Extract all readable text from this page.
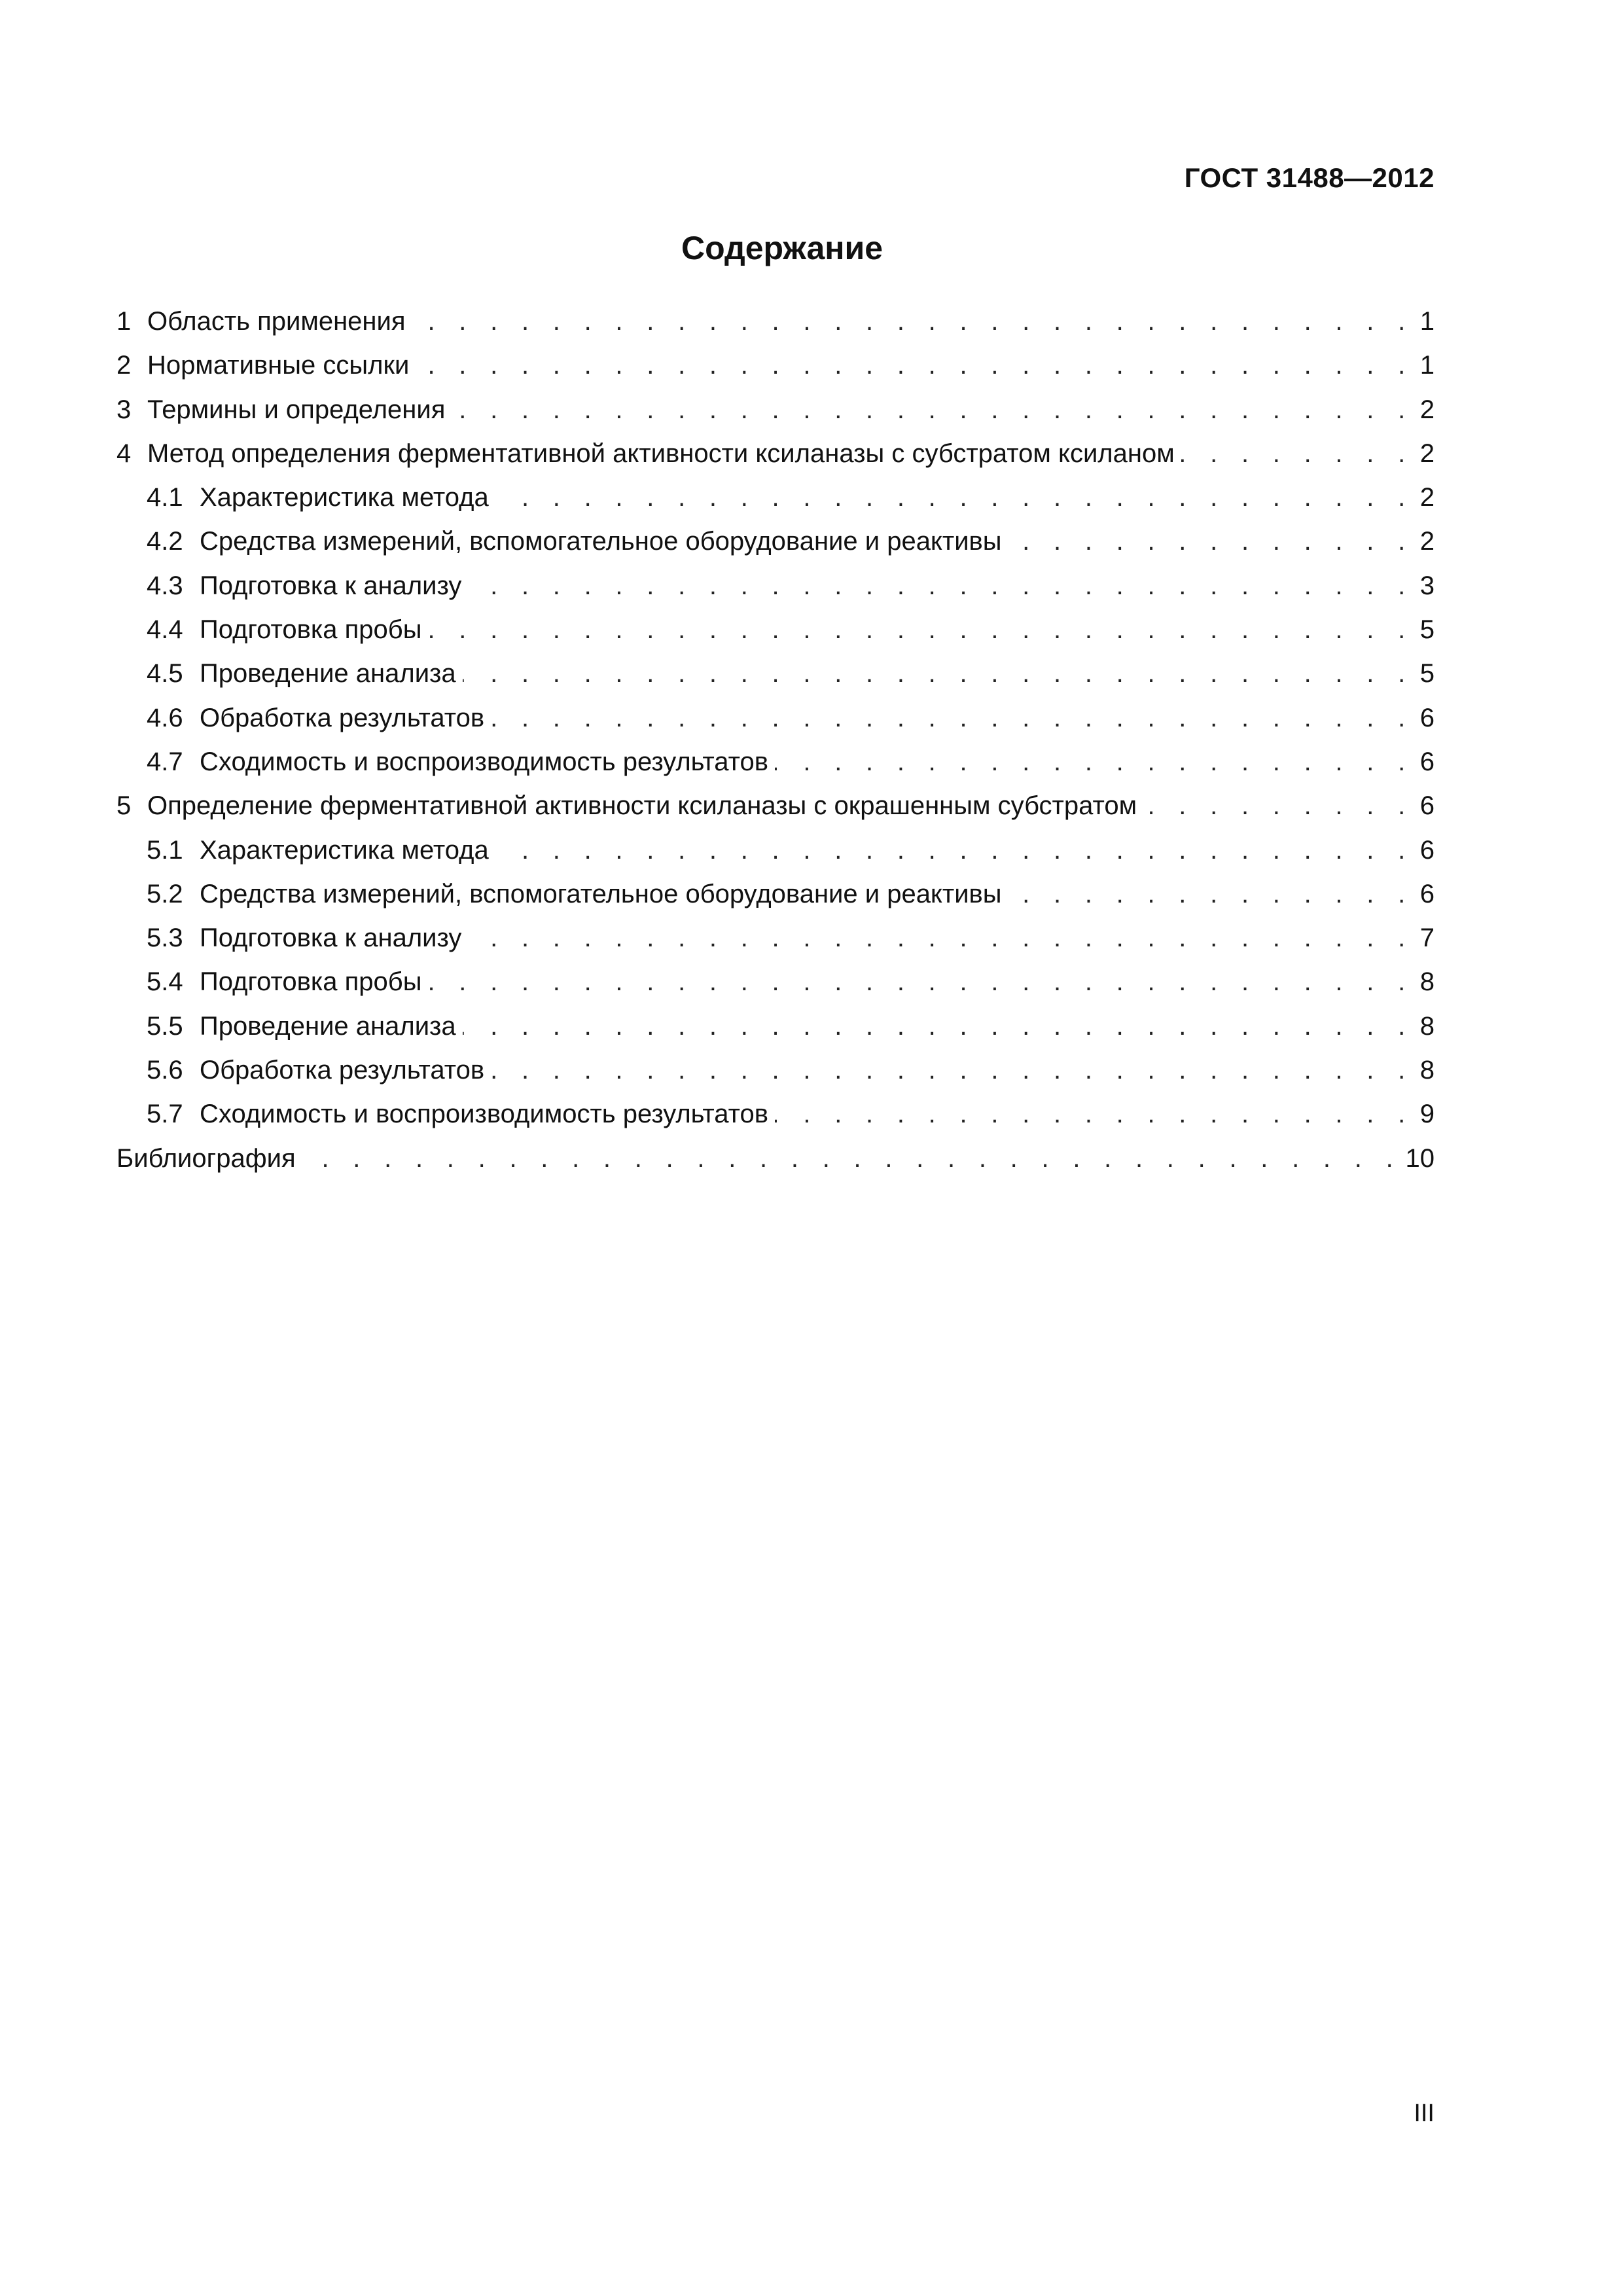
ГОСТ 31488—2012
Содержание
1 Область применения . . .	1
2 Нормативные ссылки . . .	1
3 Термины и определения . . .	2
4 Метод определения ферментативной активности ксиланазы с субстратом ксиланом . . .	2
4.1 Характеристика метода . . .	2
4.2 Средства измерений, вспомогательное оборудование и реактивы . . .	2
4.3 Подготовка к анализу . . .	3
4.4 Подготовка пробы . . .	5
4.5 Проведение анализа . . .	5
4.6 Обработка результатов . . .	6
4.7 Сходимость и воспроизводимость результатов . . .	6
5 Определение ферментативной активности ксиланазы с окрашенным субстратом . . .	6
5.1 Характеристика метода . . .	6
5.2 Средства измерений, вспомогательное оборудование и реактивы . . .	6
5.3 Подготовка к анализу . . .	7
5.4 Подготовка пробы . . .	8
5.5 Проведение анализа . . .	8
5.6 Обработка результатов . . .	8
5.7 Сходимость и воспроизводимость результатов . . .	9
Библиография . . .	10
III
